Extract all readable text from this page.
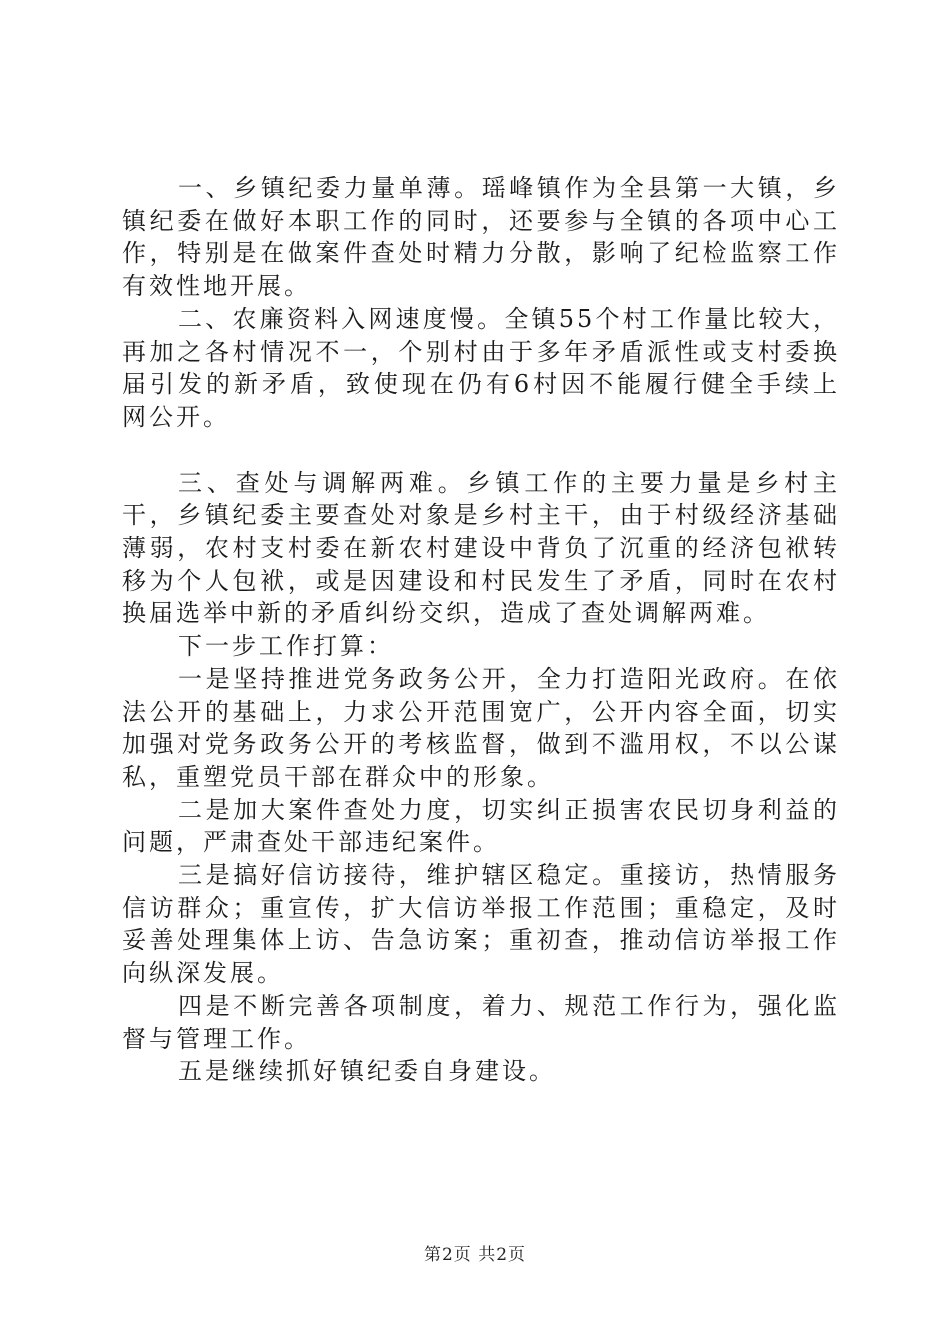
一、乡镇纪委力量单薄。瑶峰镇作为全县第一大镇，乡镇纪委在做好本职工作的同时，还要参与全镇的各项中心工作，特别是在做案件查处时精力分散，影响了纪检监察工作有效性地开展。

二、农廉资料入网速度慢。全镇55个村工作量比较大，再加之各村情况不一，个别村由于多年矛盾派性或支村委换届引发的新矛盾，致使现在仍有6村因不能履行健全手续上网公开。

三、查处与调解两难。乡镇工作的主要力量是乡村主干，乡镇纪委主要查处对象是乡村主干，由于村级经济基础薄弱，农村支村委在新农村建设中背负了沉重的经济包袱转移为个人包袱，或是因建设和村民发生了矛盾，同时在农村换届选举中新的矛盾纠纷交织，造成了查处调解两难。

下一步工作打算：

一是坚持推进党务政务公开，全力打造阳光政府。在依法公开的基础上，力求公开范围宽广，公开内容全面，切实加强对党务政务公开的考核监督，做到不滥用权，不以公谋私，重塑党员干部在群众中的形象。

二是加大案件查处力度，切实纠正损害农民切身利益的问题，严肃查处干部违纪案件。

三是搞好信访接待，维护辖区稳定。重接访，热情服务信访群众；重宣传，扩大信访举报工作范围；重稳定，及时妥善处理集体上访、告急访案；重初查，推动信访举报工作向纵深发展。

四是不断完善各项制度，着力、规范工作行为，强化监督与管理工作。

五是继续抓好镇纪委自身建设。

第2页 共2页
